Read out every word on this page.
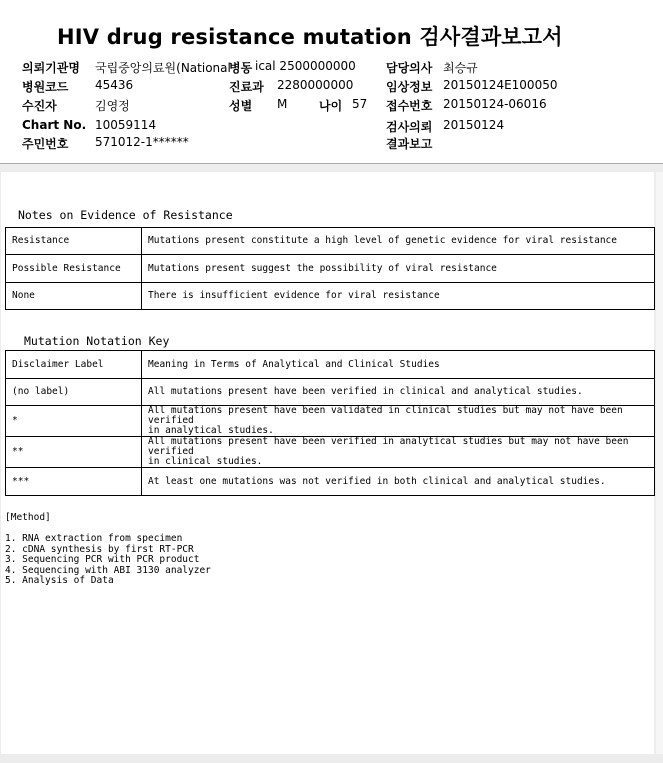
HIV drug resistance mutation 검사결과보고서
의뢰기관명 국립중앙의료원(National
병동 ical 2500000000	담당의사 최승규
병원코드 45436	진료과 2280000000	임상정보 20150124E100050
수진자	김영정	성별 M	나이 57 접수번호 20150124-06016
Chart No. 10059114	검사의뢰 20150124
주민번호 571012-1******	결과보고
Notes on Evidence of Resistance
Resistance	Mutations present constitute a high level of genetic evidence for viral resistance
Possible Resistance	Mutations present suggest the possibility of viral resistance
None	There is insufficient evidence for viral resistance
Mutation Notation Key
Disclaimer Label	Meaning in Terms of Analytical and Clinical Studies
(no label)	All mutations present have been verified in clinical and analytical studies.
*	All mutations present have been validated in clinical studies but may not have been verified
in analytical studies.

**	All mutations present have been verified in analytical studies but may not have been verified
in clinical studies.

***	At least one mutations was not verified in both clinical and analytical studies.
[Method]
1. RNA extraction from specimen
2. cDNA synthesis by first RT-PCR
3. Sequencing PCR with PCR product
4. Sequencing with ABI 3130 analyzer
5. Analysis of Data
